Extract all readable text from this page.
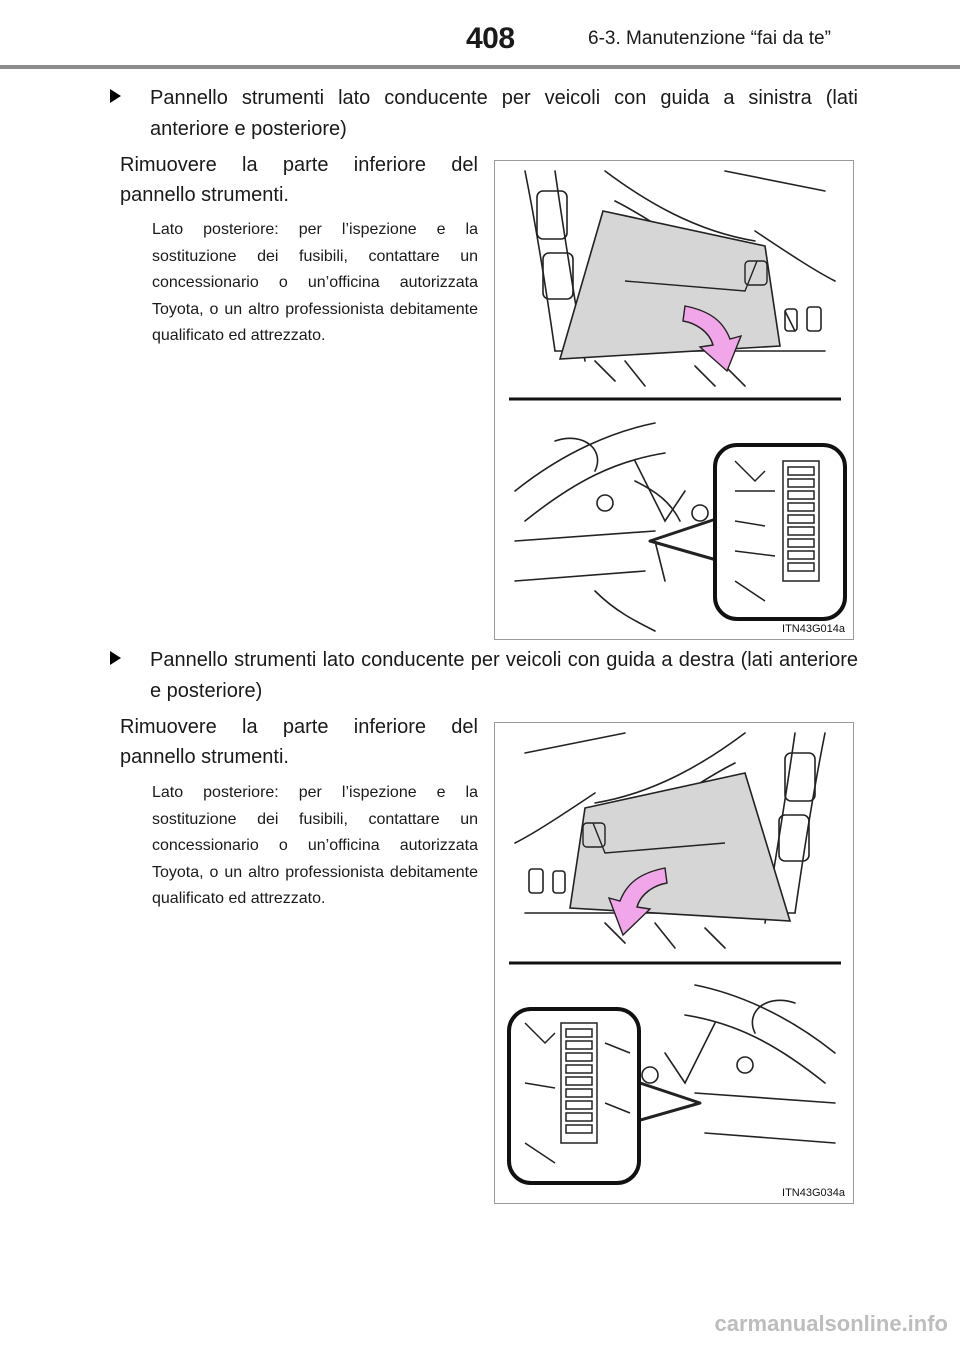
408	6-3. Manutenzione “fai da te”
Pannello strumenti lato conducente per veicoli con guida a sinistra (lati anteriore e posteriore)

Rimuovere la parte inferiore del pannello strumenti.

Lato posteriore: per l’ispezione e la sostituzione dei fusibili, contattare un concessionario o un’officina autorizzata Toyota, o un altro professionista debitamente qualificato ed attrezzato.

ITN43G014a
Pannello strumenti lato conducente per veicoli con guida a destra (lati anteriore e posteriore)

Rimuovere la parte inferiore del pannello strumenti.

Lato posteriore: per l’ispezione e la sostituzione dei fusibili, contattare un concessionario o un’officina autorizzata Toyota, o un altro professionista debitamente qualificato ed attrezzato.

ITN43G034a
carmanualsonline.info
